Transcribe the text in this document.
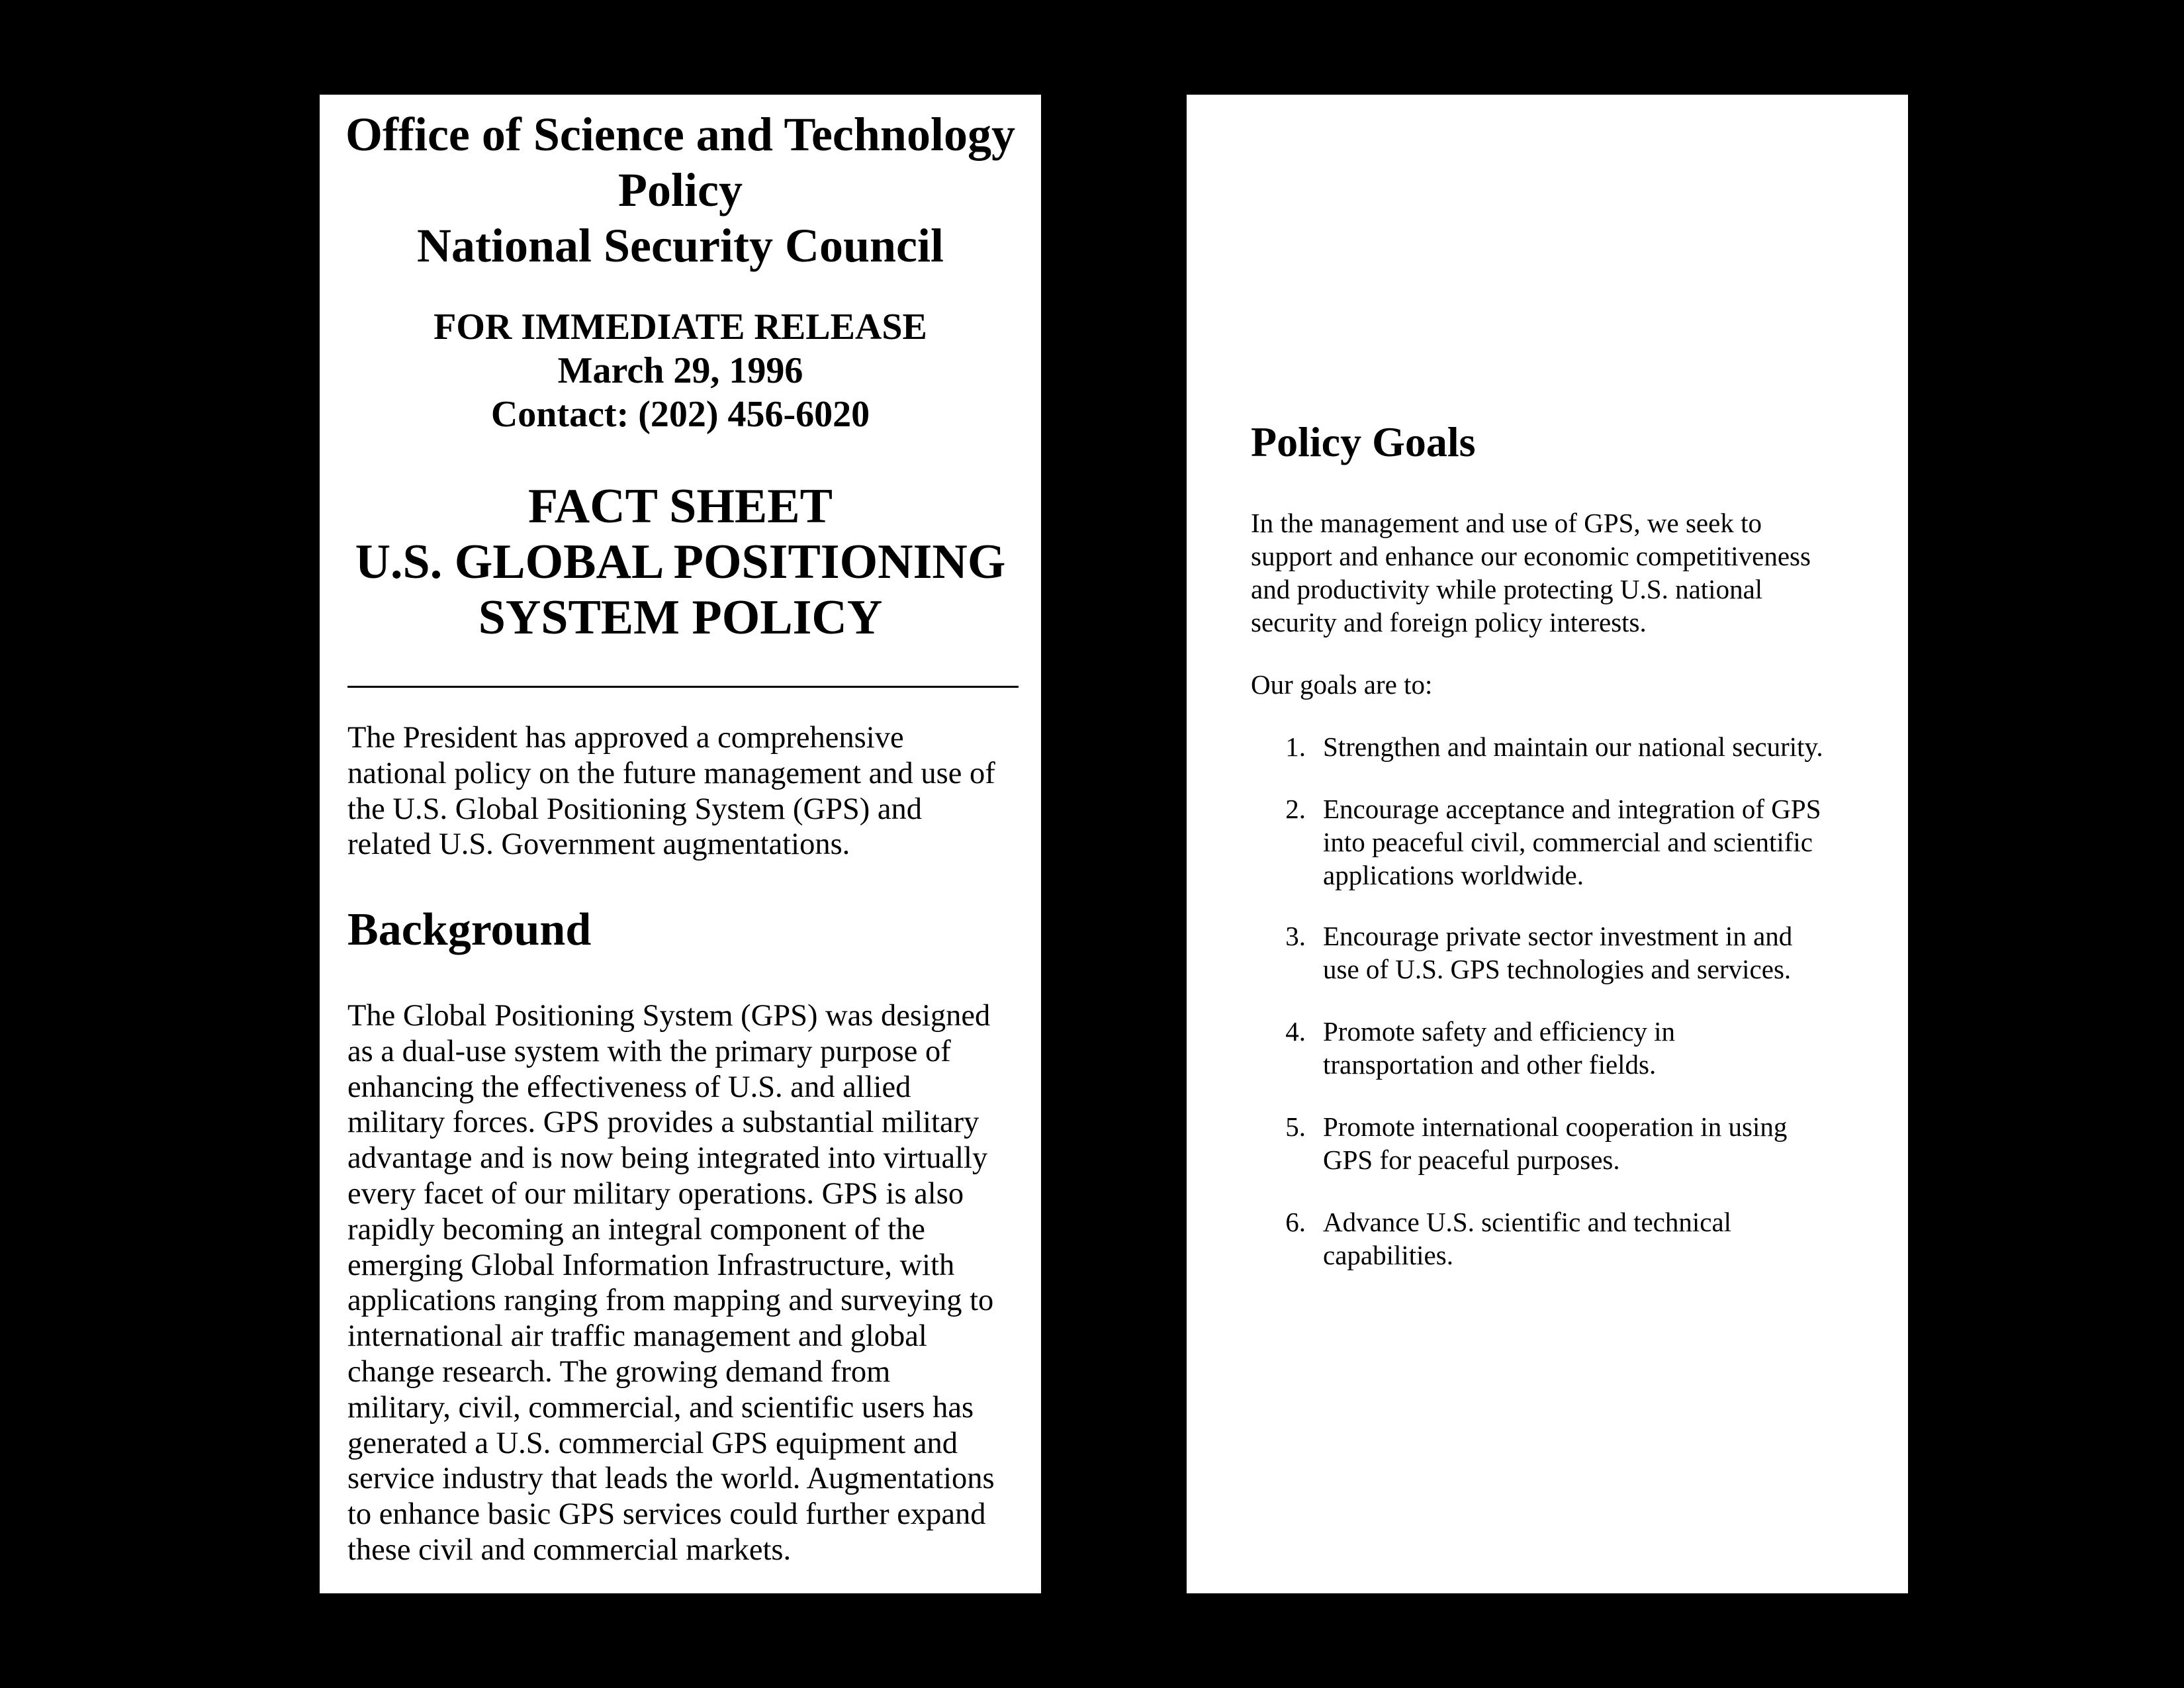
Office of Science and Technology
Policy
National Security Council
FOR IMMEDIATE RELEASE
March 29, 1996
Contact: (202) 456-6020
FACT SHEET
U.S. GLOBAL POSITIONING
SYSTEM POLICY
The President has approved a comprehensive
national policy on the future management and use of
the U.S. Global Positioning System (GPS) and
related U.S. Government augmentations.
Background
The Global Positioning System (GPS) was designed
as a dual-use system with the primary purpose of
enhancing the effectiveness of U.S. and allied
military forces. GPS provides a substantial military
advantage and is now being integrated into virtually
every facet of our military operations. GPS is also
rapidly becoming an integral component of the
emerging Global Information Infrastructure, with
applications ranging from mapping and surveying to
international air traffic management and global
change research. The growing demand from
military, civil, commercial, and scientific users has
generated a U.S. commercial GPS equipment and
service industry that leads the world. Augmentations
to enhance basic GPS services could further expand
these civil and commercial markets.
Policy Goals
In the management and use of GPS, we seek to
support and enhance our economic competitiveness
and productivity while protecting U.S. national
security and foreign policy interests.
Our goals are to:
1. Strengthen and maintain our national security.
2. Encourage acceptance and integration of GPS
into peaceful civil, commercial and scientific
applications worldwide.
3. Encourage private sector investment in and
use of U.S. GPS technologies and services.
4. Promote safety and efficiency in
transportation and other fields.
5. Promote international cooperation in using
GPS for peaceful purposes.
6. Advance U.S. scientific and technical
capabilities.
